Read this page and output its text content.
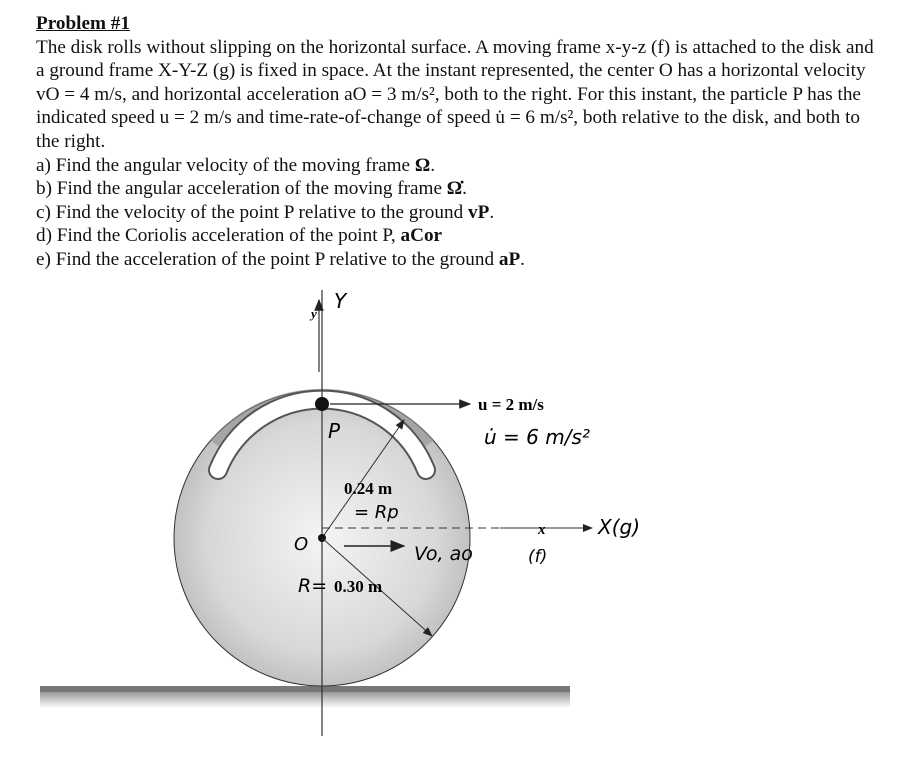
Problem #1

The disk rolls without slipping on the horizontal surface. A moving frame x-y-z (f) is attached to the disk and a ground frame X-Y-Z (g) is fixed in space. At the instant represented, the center O has a horizontal velocity vO = 4 m/s, and horizontal acceleration aO = 3 m/s², both to the right. For this instant, the particle P has the indicated speed u = 2 m/s and time-rate-of-change of speed u̇ = 6 m/s², both relative to the disk, and both to the right.

a) Find the angular velocity of the moving frame Ω.

b) Find the angular acceleration of the moving frame Ω̇.

c) Find the velocity of the point P relative to the ground vP.

d) Find the Coriolis acceleration of the point P, aCor

e) Find the acceleration of the point P relative to the ground aP.

y
Y
P
u = 2 m/s
u̇ = 6 m/s²
0.24 m
= Rp
x
(f)
X(g)
O	Vo, ao
R= 0.30 m
